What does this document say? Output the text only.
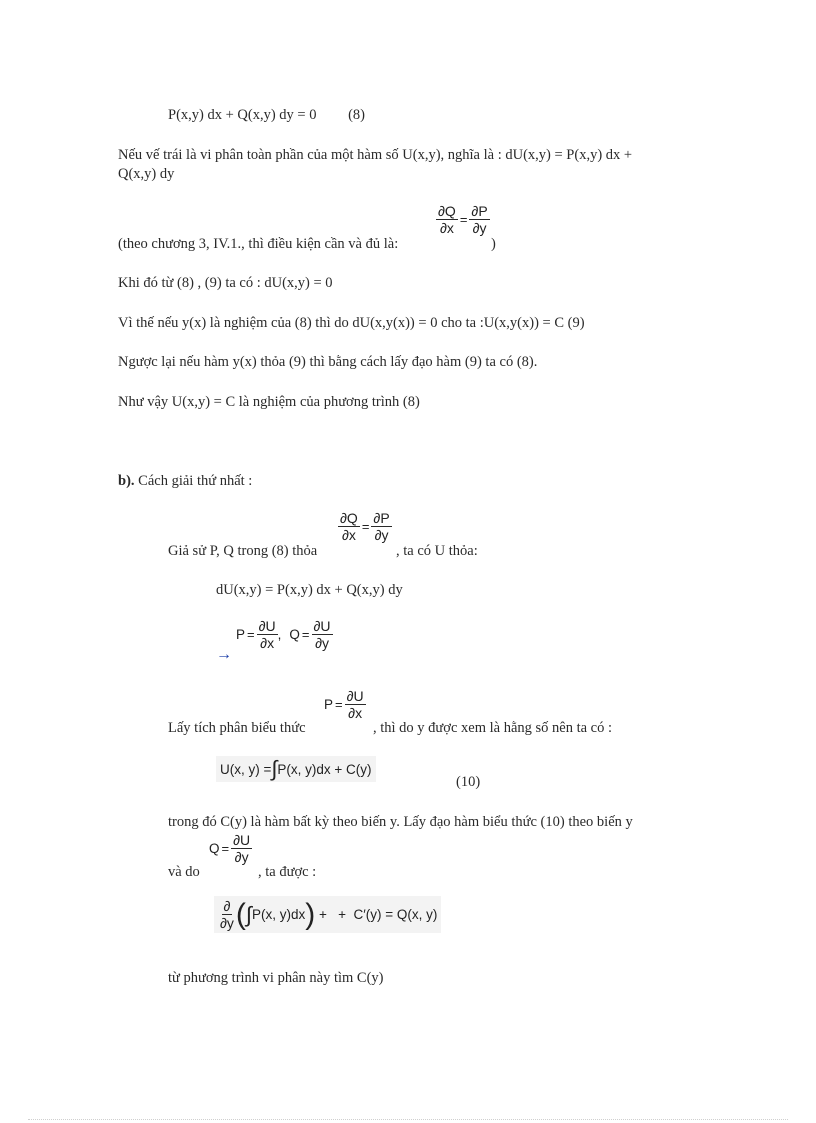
P(x,y) dx + Q(x,y) dy = 0 (8)
Nếu vế trái là vi phân toàn phần của một hàm số U(x,y), nghĩa là : dU(x,y) = P(x,y) dx +
Q(x,y) dy
$\frac{\partial Q}{\partial x} = \frac{\partial P}{\partial y}$
(theo chương 3, IV.1., thì điều kiện cần và đủ là:	)
Khi đó từ (8) , (9) ta có : dU(x,y) = 0
Vì thế nếu y(x) là nghiệm của (8) thì do dU(x,y(x)) = 0 cho ta :U(x,y(x)) = C (9)
Ngược lại nếu hàm y(x) thỏa (9) thì bằng cách lấy đạo hàm (9) ta có (8).
Như vậy U(x,y) = C là nghiệm của phương trình (8)
b). Cách giải thứ nhất :
$\frac{\partial Q}{\partial x} = \frac{\partial P}{\partial y}$
Giả sử P, Q trong (8) thỏa	, ta có U thỏa:
dU(x,y) = P(x,y) dx + Q(x,y) dy
→
$P = \frac{\partial U}{\partial x}$ , $Q = \frac{\partial U}{\partial y}$
$P = \frac{\partial U}{\partial x}$
Lấy tích phân biểu thức	, thì do y được xem là hằng số nên ta có :
U(x, y) = ∫ P(x, y)dx + C(y)
(10)
trong đó C(y) là hàm bất kỳ theo biến y. Lấy đạo hàm biểu thức (10) theo biến y
$Q = \frac{\partial U}{\partial y}$
và do	, ta được :
$\frac{\partial}{\partial y}$ ( ∫ P(x, y)dx ) +   +  C′(y) = Q(x, y)
từ phương trình vi phân này tìm C(y)
